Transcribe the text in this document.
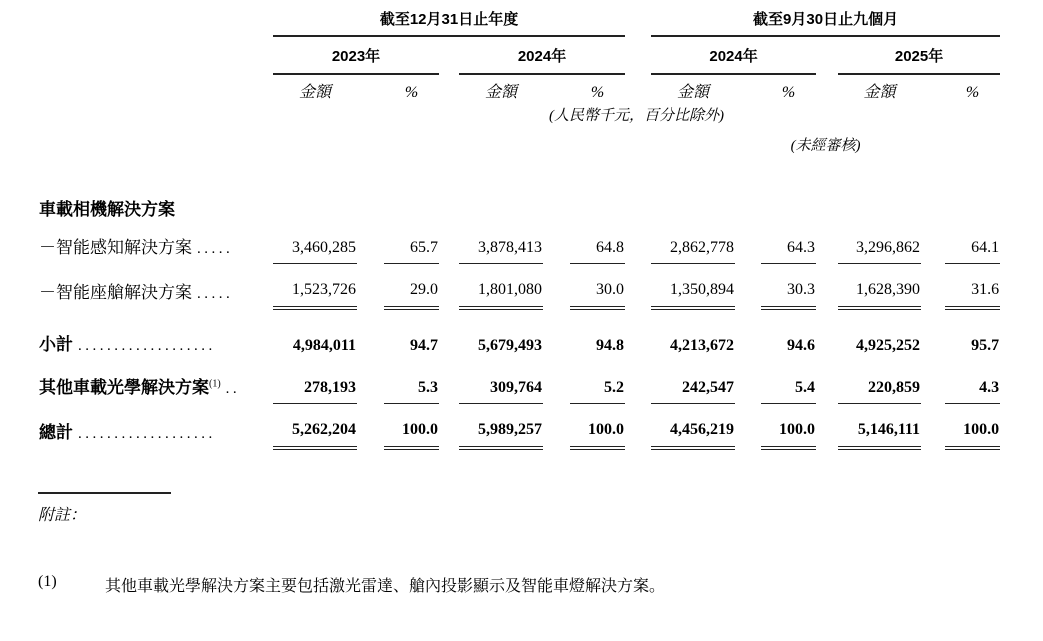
	截至12月31日止年度								截至9月30日止九個月						
	2023年				2024年				2024年				2025年		
	金額		%		金額		%		金額		%		金額		%
	(人民幣千元，百分比除外)														
									(未經審核)						
車載相機解決方案															
－智能感知解決方案 .....	3,460,285		65.7		3,878,413		64.8		2,862,778		64.3		3,296,862		64.1
－智能座艙解決方案 .....	1,523,726		29.0		1,801,080		30.0		1,350,894		30.3		1,628,390		31.6
小計 ...................	4,984,011		94.7		5,679,493		94.8		4,213,672		94.6		4,925,252		95.7
其他車載光學解決方案$^{(1)}$ ..	278,193		5.3		309,764		5.2		242,547		5.4		220,859		4.3
總計 ...................	5,262,204		100.0		5,989,257		100.0		4,456,219		100.0		5,146,111		100.0
附註：
(1)	其他車載光學解決方案主要包括激光雷達、艙內投影顯示及智能車燈解決方案。
